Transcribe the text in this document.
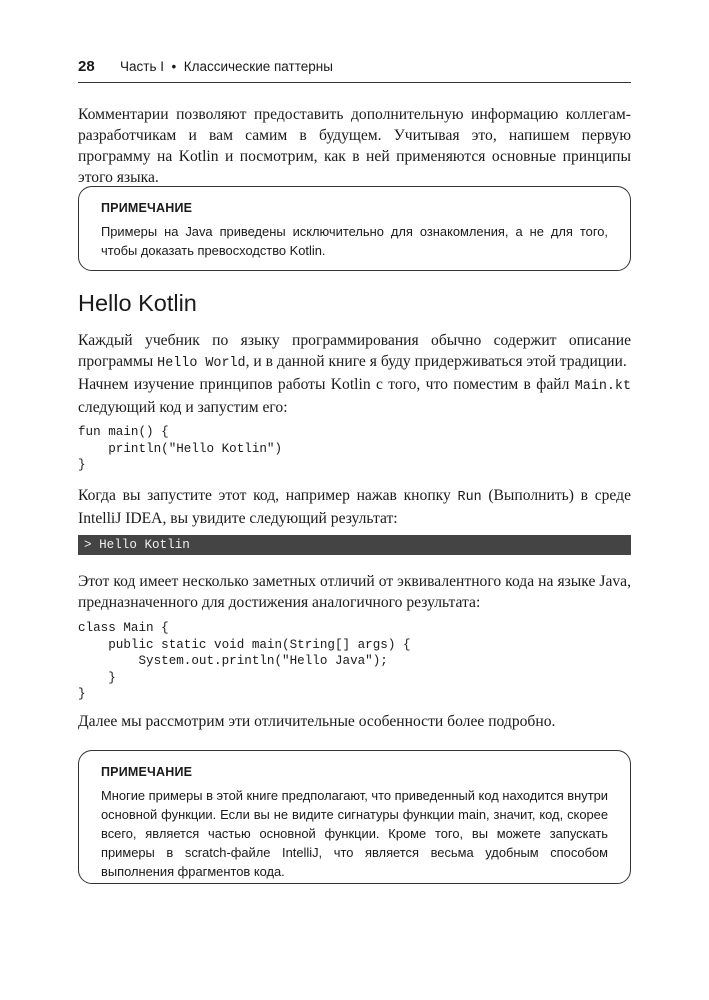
28 Часть I  •  Классические паттерны
Комментарии позволяют предоставить дополнительную информацию коллегам-разработчикам и вам самим в будущем. Учитывая это, напишем первую программу на Kotlin и посмотрим, как в ней применяются основные принципы этого языка.
ПРИМЕЧАНИЕ
Примеры на Java приведены исключительно для ознакомления, а не для того, чтобы доказать превосходство Kotlin.
Hello Kotlin
Каждый учебник по языку программирования обычно содержит описание программы Hello World, и в данной книге я буду придерживаться этой традиции.
Начнем изучение принципов работы Kotlin с того, что поместим в файл Main.kt следующий код и запустим его:
fun main() {
println("Hello Kotlin")
}
Когда вы запустите этот код, например нажав кнопку Run (Выполнить) в среде IntelliJ IDEA, вы увидите следующий результат:
> Hello Kotlin
Этот код имеет несколько заметных отличий от эквивалентного кода на языке Java, предназначенного для достижения аналогичного результата:
class Main {
public static void main(String[] args) {
System.out.println("Hello Java");
}
}
Далее мы рассмотрим эти отличительные особенности более подробно.
ПРИМЕЧАНИЕ
Многие примеры в этой книге предполагают, что приведенный код находится внутри основной функции. Если вы не видите сигнатуры функции main, значит, код, скорее всего, является частью основной функции. Кроме того, вы можете запускать примеры в scratch-файле IntelliJ, что является весьма удобным способом выполнения фрагментов кода.
